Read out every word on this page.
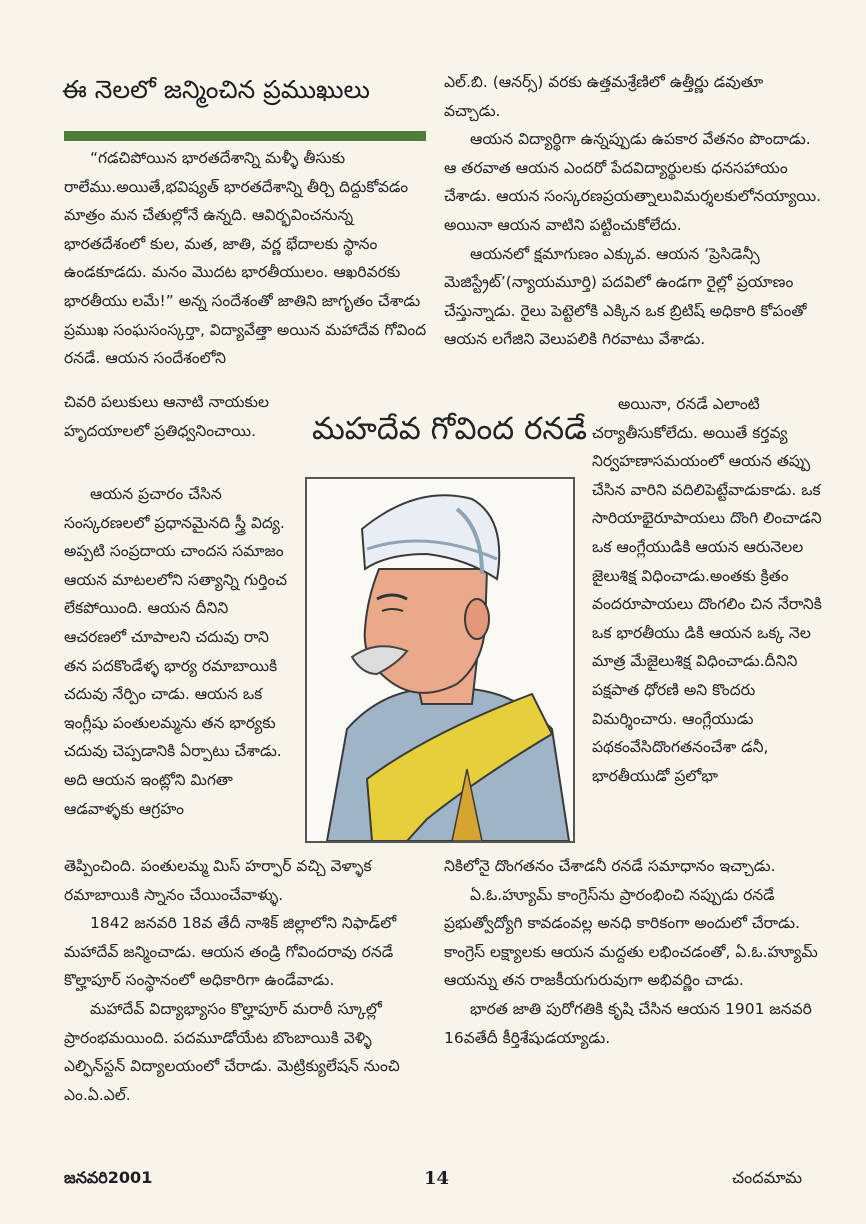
ఈ నెలలో జన్మించిన ప్రముఖులు

“గడచిపోయిన భారతదేశాన్ని మళ్ళీ తీసుకు రాలేము.అయితే,భవిష్యత్ భారతదేశాన్ని తీర్చి దిద్దుకోవడం మాత్రం మన చేతుల్లోనే ఉన్నది. ఆవిర్భవించనున్న భారతదేశంలో కుల, మత, జాతి, వర్ణ భేదాలకు స్థానం ఉండకూడదు. మనం మొదట భారతీయులం. ఆఖరివరకు భారతీయు లమే!” అన్న సందేశంతో జాతిని జాగృతం చేశాడు ప్రముఖ సంఘసంస్కర్తా, విద్యావేత్తా అయిన మహాదేవ గోవింద రనడే. ఆయన సందేశంలోని

చివరి పలుకులు ఆనాటి నాయకుల హృదయాలలో ప్రతిధ్వనించాయి.

ఆయన ప్రచారం చేసిన సంస్కరణలలో ప్రధానమైనది స్త్రీ విద్య. అప్పటి సంప్రదాయ చాందస సమాజం ఆయన మాటలలోని సత్యాన్ని గుర్తించ లేకపోయింది. ఆయన దీనిని ఆచరణలో చూపాలని చదువు రాని తన పదకొండేళ్ళ భార్య రమాబాయికి చదువు నేర్పిం చాడు. ఆయన ఒక ఇంగ్లీషు పంతులమ్మను తన భార్యకు చదువు చెప్పడానికి ఏర్పాటు చేశాడు. అది ఆయన ఇంట్లోని మిగతా ఆడవాళ్ళకు ఆగ్రహం

తెప్పించింది. పంతులమ్మ మిస్ హర్ఫార్ వచ్చి వెళ్ళాక రమాబాయికి స్నానం చేయించేవాళ్ళు.

1842 జనవరి 18వ తేదీ నాశిక్ జిల్లాలోని నిఫాడ్‌లో మహాదేవ్ జన్మించాడు. ఆయన తండ్రి గోవిందరావు రనడే కొల్హాపూర్ సంస్థానంలో అధికారిగా ఉండేవాడు.

మహాదేవ్ విద్యాభ్యాసం కొల్హాపూర్ మరాఠీ స్కూల్లో ప్రారంభమయింది. పదమూడోయేట బొంబాయికి వెళ్ళి ఎల్ఫిన్‌స్టన్ విద్యాలయంలో చేరాడు. మెట్రిక్యులేషన్ నుంచి ఎం.ఏ.ఎల్.

ఎల్.బి. (ఆనర్స్) వరకు ఉత్తమశ్రేణిలో ఉత్తీర్ణు డవుతూ వచ్చాడు.

ఆయన విద్యార్థిగా ఉన్నప్పుడు ఉపకార వేతనం పొందాడు. ఆ తరవాత ఆయన ఎందరో పేదవిద్యార్థులకు ధనసహాయం చేశాడు. ఆయన సంస్కరణప్రయత్నాలువిమర్శలకులోనయ్యాయి. అయినా ఆయన వాటిని పట్టించుకోలేదు.

ఆయనలో క్షమాగుణం ఎక్కువ. ఆయన ‘ప్రెసిడెన్సీ మెజిస్ట్రేట్’(న్యాయమూర్తి) పదవిలో ఉండగా రైల్లో ప్రయాణం చేస్తున్నాడు. రైలు పెట్టెలోకి ఎక్కిన ఒక బ్రిటిష్ అధికారి కోపంతో ఆయన లగేజిని వెలుపలికి గిరవాటు వేశాడు.

అయినా, రనడే ఎలాంటి చర్యాతీసుకోలేదు. అయితే కర్తవ్య నిర్వహణాసమయంలో ఆయన తప్పు చేసిన వారిని వదిలిపెట్టేవాడుకాడు. ఒక సారియాభైరూపాయలు దొంగి లించాడని ఒక ఆంగ్లేయుడికి ఆయన ఆరునెలల జైలుశిక్ష విధించాడు.అంతకు క్రితం వందరూపాయలు దొంగలిం చిన నేరానికి ఒక భారతీయు డికి ఆయన ఒక్క నెల మాత్ర మేజైలుశిక్ష విధించాడు.దీనిని పక్షపాత ధోరణి అని కొందరు విమర్శించారు. ఆంగ్లేయుడు పథకంవేసిదొంగతనంచేశా డనీ, భారతీయుడో ప్రలోభా

నికిలోనై దొంగతనం చేశాడనీ రనడే సమాధానం ఇచ్చాడు.

ఏ.ఓ.హ్యూమ్ కాంగ్రెస్‌ను ప్రారంభించి నప్పుడు రనడే ప్రభుత్వోద్యోగి కావడంవల్ల అనధి కారికంగా అందులో చేరాడు. కాంగ్రెస్ లక్ష్యాలకు ఆయన మద్దతు లభించడంతో, ఏ.ఓ.హ్యూమ్ ఆయన్ను తన రాజకీయగురువుగా అభివర్ణిం చాడు.

భారత జాతి పురోగతికి కృషి చేసిన ఆయన 1901 జనవరి 16వతేదీ కీర్తిశేషుడయ్యాడు.

మహదేవ గోవింద రనడే
జనవరి2001	14	చందమామ
